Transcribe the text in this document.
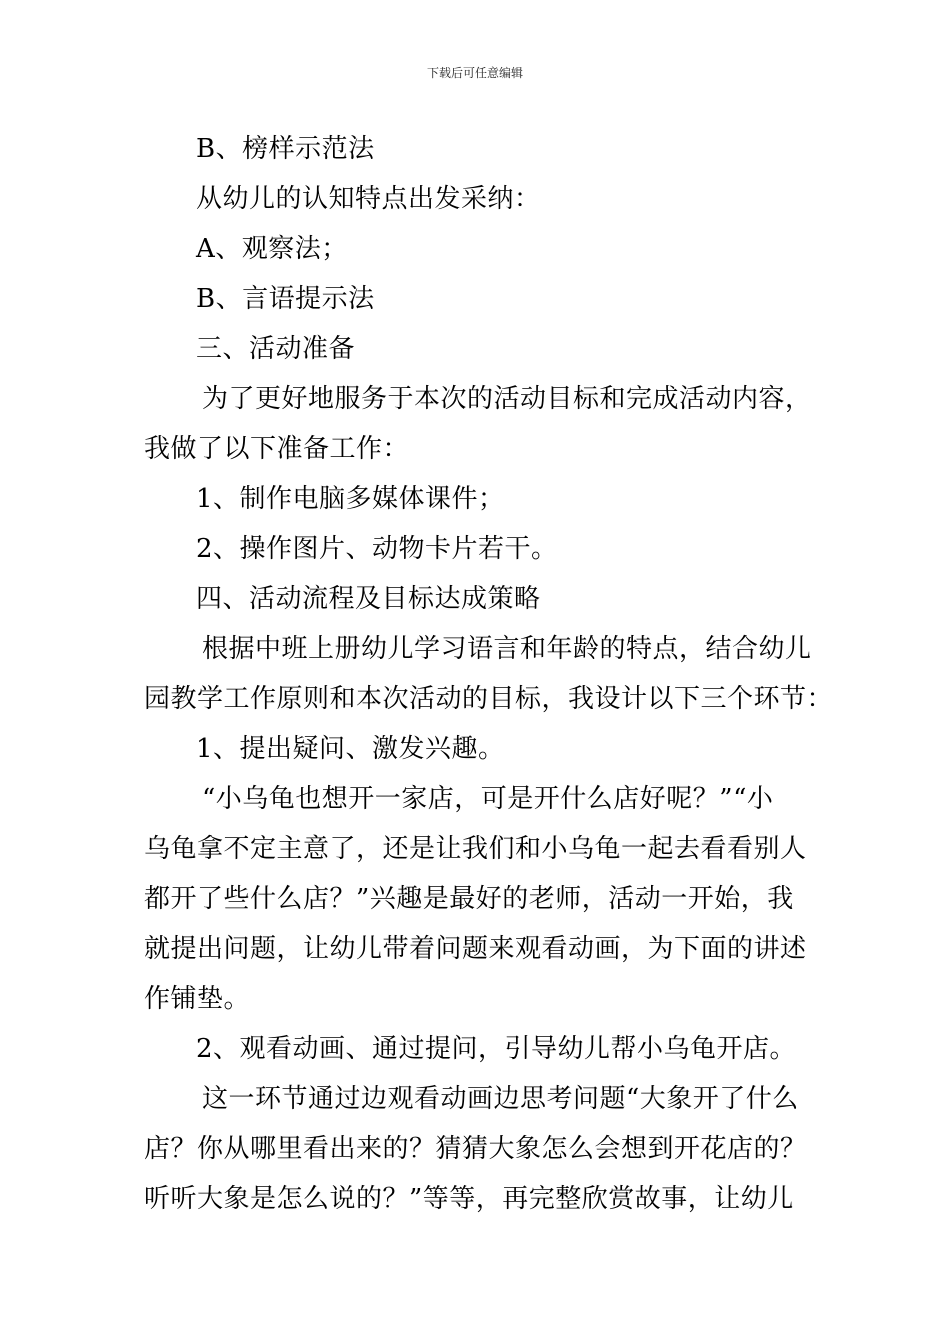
下载后可任意编辑
B、榜样示范法
从幼儿的认知特点出发采纳：
A、观察法；
B、言语提示法
三、活动准备
为了更好地服务于本次的活动目标和完成活动内容，
我做了以下准备工作：
1、制作电脑多媒体课件；
2、操作图片、动物卡片若干。
四、活动流程及目标达成策略
根据中班上册幼儿学习语言和年龄的特点，结合幼儿
园教学工作原则和本次活动的目标，我设计以下三个环节：
1、提出疑问、激发兴趣。
“小乌龟也想开一家店，可是开什么店好呢？”“小
乌龟拿不定主意了，还是让我们和小乌龟一起去看看别人
都开了些什么店？”兴趣是最好的老师，活动一开始，我
就提出问题，让幼儿带着问题来观看动画，为下面的讲述
作铺垫。
2、观看动画、通过提问，引导幼儿帮小乌龟开店。
这一环节通过边观看动画边思考问题“大象开了什么
店？你从哪里看出来的？猜猜大象怎么会想到开花店的？
听听大象是怎么说的？”等等，再完整欣赏故事，让幼儿
